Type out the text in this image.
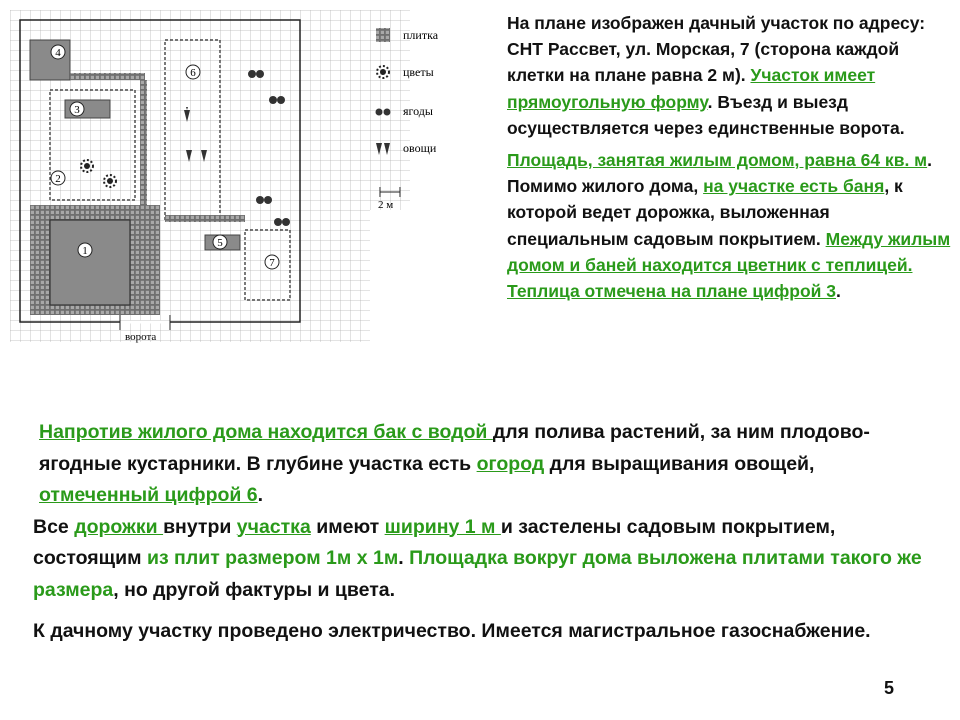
4
3
2
6
5
7
1
ворота
плитка
цветы
ягоды
овощи
2 м
На плане изображен дачный участок по адресу: СНТ Рассвет, ул. Морская, 7 (сторона каждой клетки на плане равна 2 м). Участок имеет прямоугольную форму. Въезд и выезд осуществляется через единственные ворота.
Площадь, занятая жилым домом, равна 64 кв. м. Помимо жилого дома, на участке есть баня, к которой ведет дорожка, выложенная специальным садовым покрытием. Между жилым домом и баней находится цветник с теплицей. Теплица отмечена на плане цифрой 3.
Напротив жилого дома находится бак с водой для полива растений, за ним плодово-ягодные кустарники. В глубине участка есть огород для выращивания овощей, отмеченный цифрой 6.
Все дорожки внутри участка имеют ширину 1 м и застелены садовым покрытием, состоящим из плит размером 1м х 1м. Площадка вокруг дома выложена плитами такого же размера, но другой фактуры и цвета.
К дачному участку проведено электричество. Имеется магистральное газоснабжение.
5
